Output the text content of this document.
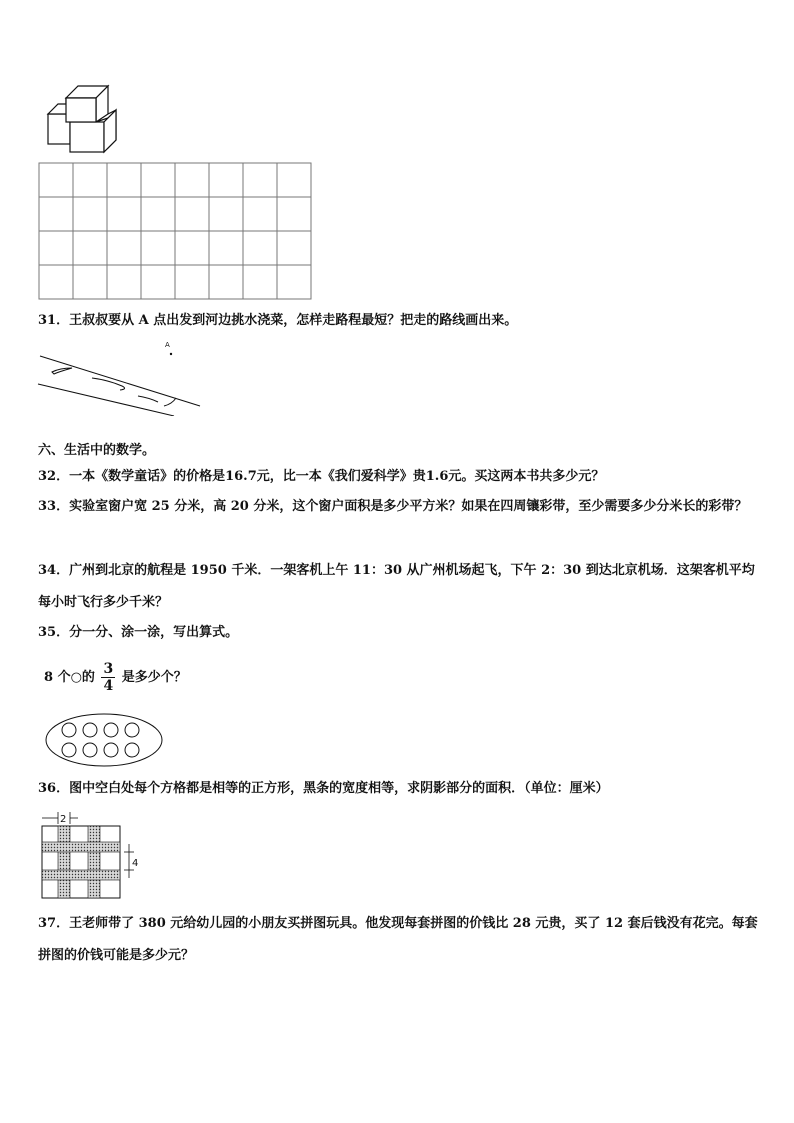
31．王叔叔要从 A 点出发到河边挑水浇菜，怎样走路程最短？把走的路线画出来。
A
六、生活中的数学。
32．一本《数学童话》的价格是16.7元，比一本《我们爱科学》贵1.6元。买这两本书共多少元？
33．实验室窗户宽 25 分米，高 20 分米，这个窗户面积是多少平方米？如果在四周镶彩带，至少需要多少分米长的彩带？
34．广州到北京的航程是 1950 千米．一架客机上午 11：30 从广州机场起飞，下午 2：30 到达北京机场．这架客机平均每小时飞行多少千米？
35．分一分、涂一涂，写出算式。
8 个○的 $\frac{3}{4}$ 是多少个？
36．图中空白处每个方格都是相等的正方形，黑条的宽度相等，求阴影部分的面积．（单位：厘米）
2
4
37．王老师带了 380 元给幼儿园的小朋友买拼图玩具。他发现每套拼图的价钱比 28 元贵，买了 12 套后钱没有花完。每套拼图的价钱可能是多少元？
